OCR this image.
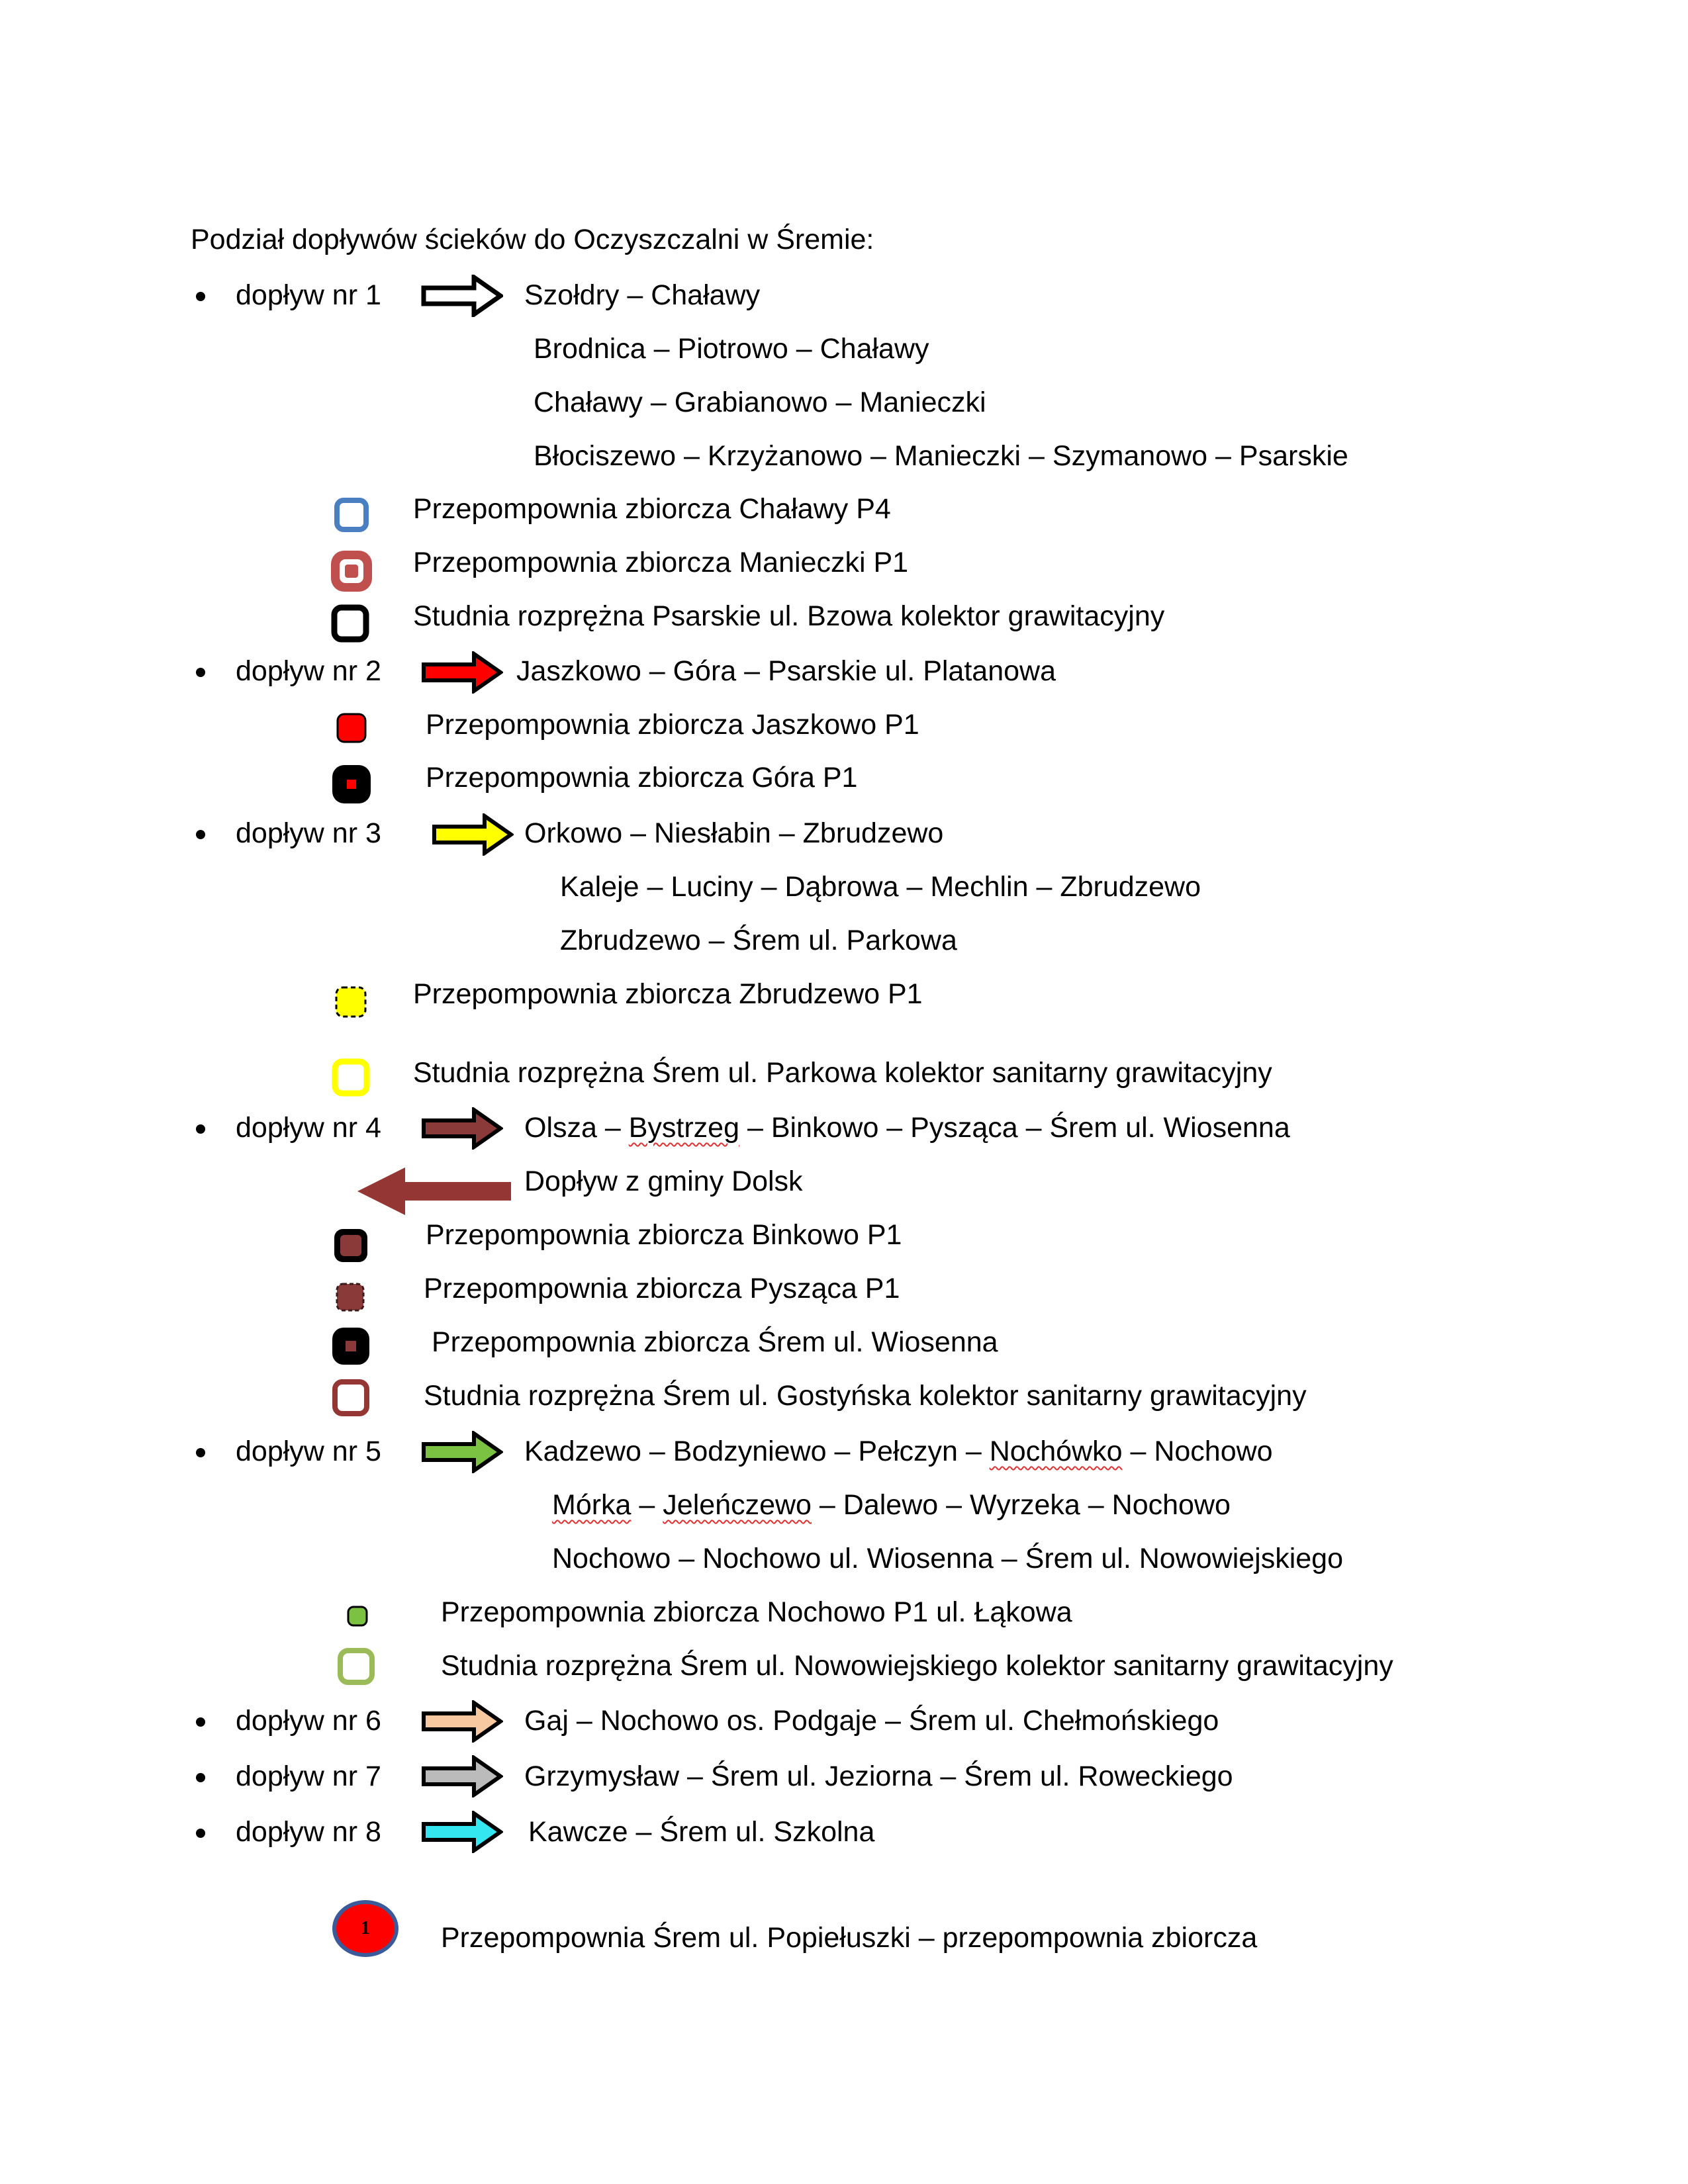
Podział dopływów ścieków do Oczyszczalni w Śremie:
dopływ nr 1	Szołdry – Chaławy
Brodnica – Piotrowo – Chaławy
Chaławy – Grabianowo – Manieczki
Błociszewo – Krzyżanowo – Manieczki – Szymanowo – Psarskie
Przepompownia zbiorcza Chaławy P4
Przepompownia zbiorcza Manieczki P1
Studnia rozprężna Psarskie ul. Bzowa kolektor grawitacyjny
dopływ nr 2	Jaszkowo – Góra – Psarskie ul. Platanowa
Przepompownia zbiorcza Jaszkowo P1
Przepompownia zbiorcza Góra P1
dopływ nr 3	Orkowo – Niesłabin – Zbrudzewo
Kaleje – Luciny – Dąbrowa – Mechlin – Zbrudzewo
Zbrudzewo – Śrem ul. Parkowa
Przepompownia zbiorcza Zbrudzewo P1
Studnia rozprężna Śrem ul. Parkowa kolektor sanitarny grawitacyjny
dopływ nr 4	Olsza – Bystrzeg – Binkowo – Pysząca – Śrem ul. Wiosenna
Dopływ z gminy Dolsk
Przepompownia zbiorcza Binkowo P1
Przepompownia zbiorcza Pysząca P1
Przepompownia zbiorcza Śrem ul. Wiosenna
Studnia rozprężna Śrem ul. Gostyńska kolektor sanitarny grawitacyjny
dopływ nr 5	Kadzewo – Bodzyniewo – Pełczyn – Nochówko – Nochowo
Mórka – Jeleńczewo – Dalewo – Wyrzeka – Nochowo
Nochowo – Nochowo ul. Wiosenna – Śrem ul. Nowowiejskiego
Przepompownia zbiorcza Nochowo P1 ul. Łąkowa
Studnia rozprężna Śrem ul. Nowowiejskiego kolektor sanitarny grawitacyjny
dopływ nr 6	Gaj – Nochowo os. Podgaje – Śrem ul. Chełmońskiego
dopływ nr 7	Grzymysław – Śrem ul. Jeziorna – Śrem ul. Roweckiego
dopływ nr 8	Kawcze – Śrem ul. Szkolna
1 Przepompownia Śrem ul. Popiełuszki – przepompownia zbiorcza
